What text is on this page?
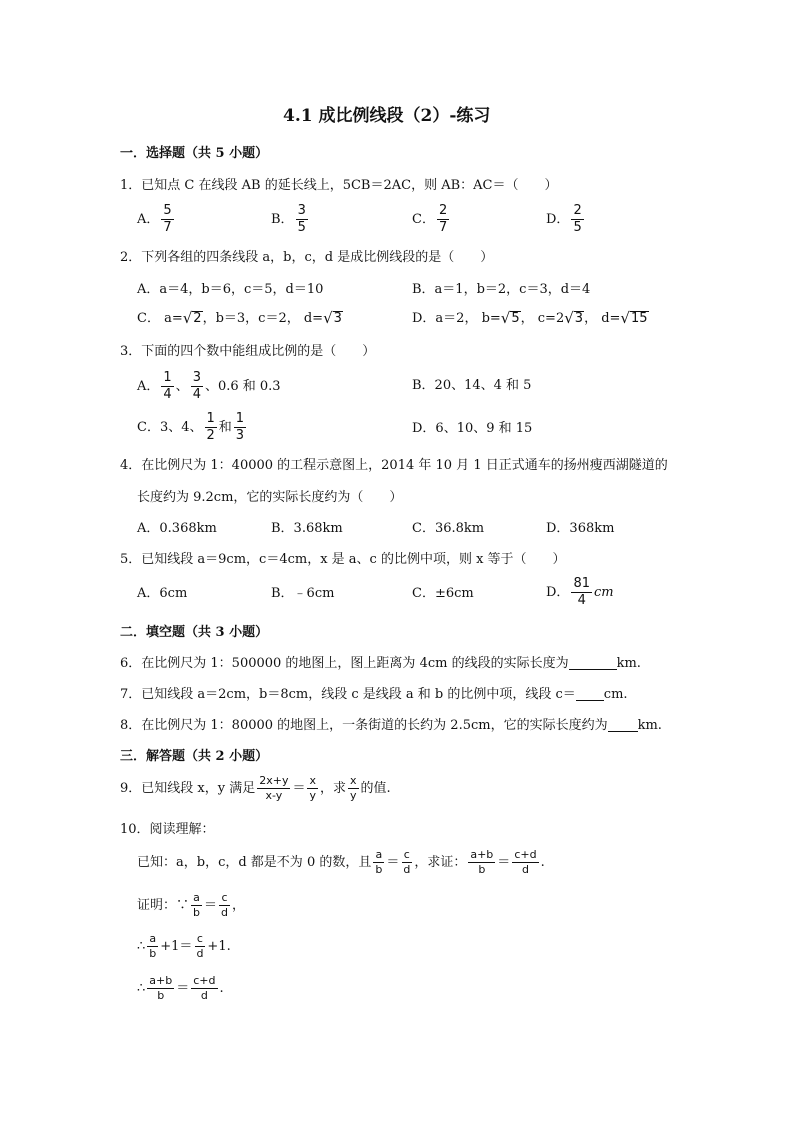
4.1 成比例线段（2）-练习
一．选择题（共 5 小题）
1．已知点 C 在线段 AB 的延长线上，5CB＝2AC，则 AB：AC＝（　　）
A． $\frac{5}{7}$	B． $\frac{3}{5}$	C． $\frac{2}{7}$	D． $\frac{2}{5}$
2．下列各组的四条线段 a，b，c，d 是成比例线段的是（　　）
A．a＝4，b＝6，c＝5，d＝10	B．a＝1，b＝2，c＝3，d＝4
C． a= √ 2 ，b＝3，c＝2， d= √ 3	D．a＝2， b= √ 5 ， c=2 √ 3 ， d= √ 15
3．下面的四个数中能组成比例的是（　　）
A． $\frac{1}{4}$ 、 $\frac{3}{4}$ 、0.6 和 0.3	B．20、14、4 和 5
C．3、4、 $\frac{1}{2}$ 和 $\frac{1}{3}$	D．6、10、9 和 15
4．在比例尺为 1：40000 的工程示意图上，2014 年 10 月 1 日正式通车的扬州瘦西湖隧道的
长度约为 9.2cm，它的实际长度约为（　　）
A．0.368km	B．3.68km	C．36.8km	D．368km
5．已知线段 a＝9cm，c＝4cm，x 是 a、c 的比例中项，则 x 等于（　　）
A．6cm	B．﹣6cm	C．±6cm	D． $\frac{81}{4}$ cm
二．填空题（共 3 小题）
6．在比例尺为 1：500000 的地图上，图上距离为 4cm 的线段的实际长度为	km.
7．已知线段 a＝2cm，b＝8cm，线段 c 是线段 a 和 b 的比例中项，线段 c＝ cm.
8．在比例尺为 1：80000 的地图上，一条街道的长约为 2.5cm，它的实际长度约为 km.
三．解答题（共 2 小题）
9．已知线段 x，y 满足 $\frac{2x+y}{x-y} = \frac{x}{y}$ ，求 $\frac{x}{y}$ 的值.
10．阅读理解：
已知：a，b，c，d 都是不为 0 的数，且 $\frac{a}{b} = \frac{c}{d}$ ，求证： $\frac{a+b}{b} = \frac{c+d}{d}$ .
证明：∵ $\frac{a}{b} = \frac{c}{d}$ ，
∴ $\frac{a}{b} +1= \frac{c}{d} +1$.
∴ $\frac{a+b}{b} = \frac{c+d}{d}$ .
